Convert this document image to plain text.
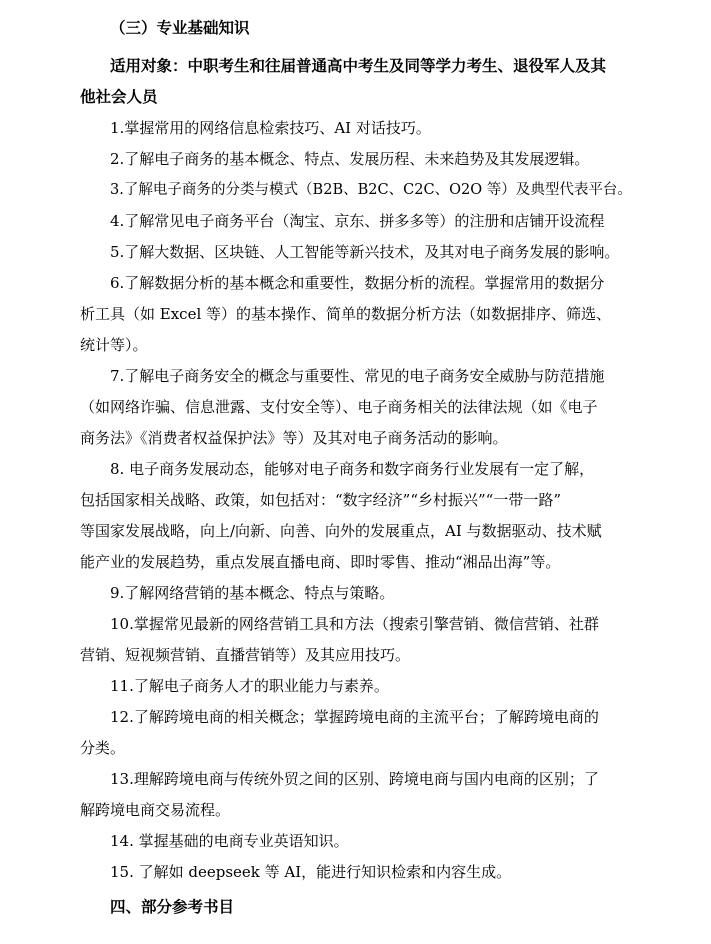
（三）专业基础知识
适用对象：中职考生和往届普通高中考生及同等学力考生、退役军人及其
他社会人员
1.掌握常用的网络信息检索技巧、AI 对话技巧。
2.了解电子商务的基本概念、特点、发展历程、未来趋势及其发展逻辑。
3.了解电子商务的分类与模式（B2B、B2C、C2C、O2O 等）及典型代表平台。
4.了解常见电子商务平台（淘宝、京东、拼多多等）的注册和店铺开设流程
5.了解大数据、区块链、人工智能等新兴技术，及其对电子商务发展的影响。
6.了解数据分析的基本概念和重要性，数据分析的流程。掌握常用的数据分
析工具（如 Excel 等）的基本操作、简单的数据分析方法（如数据排序、筛选、
统计等）。
7.了解电子商务安全的概念与重要性、常见的电子商务安全威胁与防范措施
（如网络诈骗、信息泄露、支付安全等）、电子商务相关的法律法规（如《电子
商务法》《消费者权益保护法》等）及其对电子商务活动的影响。
8. 电子商务发展动态，能够对电子商务和数字商务行业发展有一定了解，
包括国家相关战略、政策，如包括对：“数字经济”“乡村振兴”“一带一路”
等国家发展战略，向上/向新、向善、向外的发展重点，AI 与数据驱动、技术赋
能产业的发展趋势，重点发展直播电商、即时零售、推动“湘品出海”等。
9.了解网络营销的基本概念、特点与策略。
10.掌握常见最新的网络营销工具和方法（搜索引擎营销、微信营销、社群
营销、短视频营销、直播营销等）及其应用技巧。
11.了解电子商务人才的职业能力与素养。
12.了解跨境电商的相关概念；掌握跨境电商的主流平台；了解跨境电商的
分类。
13.理解跨境电商与传统外贸之间的区别、跨境电商与国内电商的区别；了
解跨境电商交易流程。
14. 掌握基础的电商专业英语知识。
15. 了解如 deepseek 等 AI，能进行知识检索和内容生成。
四、部分参考书目
